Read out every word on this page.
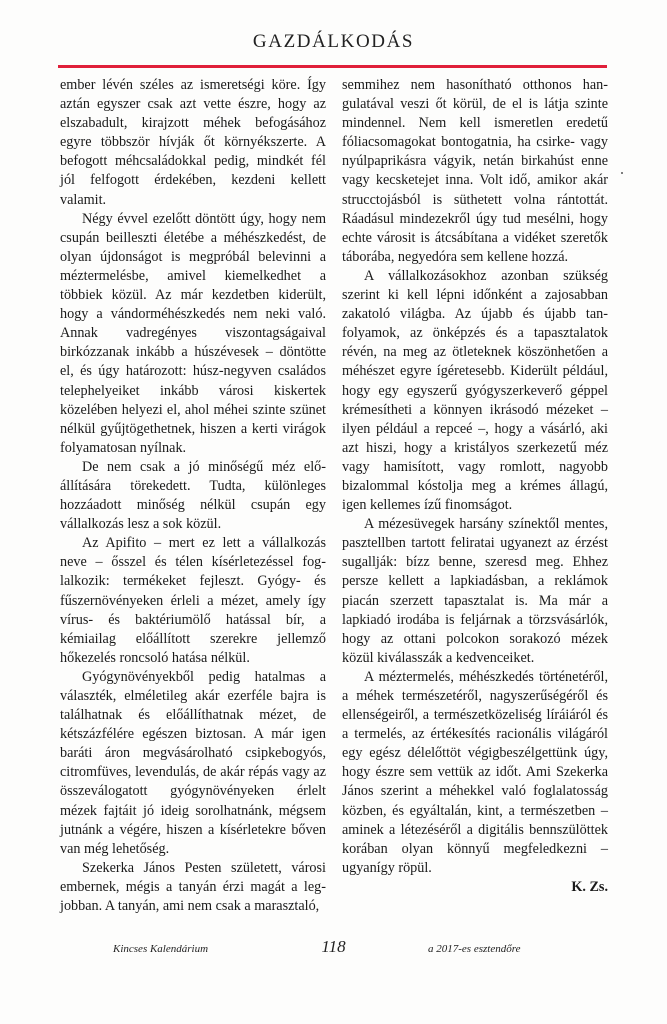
GAZDÁLKODÁS

ember lévén széles az ismeretségi köre. Így aztán egyszer csak azt vette észre, hogy az elszabadult, kirajzott méhek befogásához egyre többször hívják őt környékszerte. A befogott méhcsaládokkal pedig, mindkét fél jól felfogott érdekében, kezdeni kellett valamit.

Négy évvel ezelőtt döntött úgy, hogy nem csupán beilleszti életébe a méhészkedést, de olyan újdonságot is megpróbál belevinni a méztermelésbe, amivel kiemelkedhet a többiek közül. Az már kezdetben kiderült, hogy a vándorméhészkedés nem neki való. Annak vadregényes viszontagságaival birkózzanak inkább a húszévesek – döntötte el, és úgy határozott: húsz-negyven családos telephelyeiket inkább városi kiskertek közelében helyezi el, ahol méhei szinte szünet nélkül gyűjtögethetnek, hiszen a kerti virágok folyamatosan nyílnak.

De nem csak a jó minőségű méz előállítására törekedett. Tudta, különleges hozzáadott minőség nélkül csupán egy vállalkozás lesz a sok közül.

Az Apifito – mert ez lett a vállalkozás neve – ősszel és télen kísérletezéssel foglalkozik: termékeket fejleszt. Gyógy- és fűszernövényeken érleli a mézet, amely így vírus- és baktériumölő hatással bír, a kémiailag előállított szerekre jellemző hőkezelés roncsoló hatása nélkül.

Gyógynövényekből pedig hatalmas a választék, elméletileg akár ezerféle bajra is találhatnak és előállíthatnak mézet, de kétszázfélére egészen biztosan. A már igen baráti áron megvásárolható csipkebogyós, citromfüves, levendulás, de akár répás vagy az összeválogatott gyógynövényeken érlelt mézek fajtáit jó ideig sorolhatnánk, mégsem jutnánk a végére, hiszen a kísérletekre bőven van még lehetőség.

Szekerka János Pesten született, városi embernek, mégis a tanyán érzi magát a legjobban. A tanyán, ami nem csak a marasztaló,

semmihez nem hasonítható otthonos hangulatával veszi őt körül, de el is látja szinte mindennel. Nem kell ismeretlen eredetű fóliacsomagokat bontogatnia, ha csirke- vagy nyúlpaprikásra vágyik, netán birkahúst enne vagy kecsketejet inna. Volt idő, amikor akár strucctojásból is süthetett volna rántottát. Ráadásul mindezekről úgy tud mesélni, hogy echte városit is átcsábítana a vidéket szeretők táborába, negyedóra sem kellene hozzá.

A vállalkozásokhoz azonban szükség szerint ki kell lépni időnként a zajosabban zakatoló világba. Az újabb és újabb tanfolyamok, az önképzés és a tapasztalatok révén, na meg az ötleteknek köszönhetően a méhészet egyre ígéretesebb. Kiderült például, hogy egy egyszerű gyógyszerkeverő géppel krémesítheti a könnyen ikrásodó mézeket – ilyen például a repceé –, hogy a vásárló, aki azt hiszi, hogy a kristályos szerkezetű méz vagy hamisított, vagy romlott, nagyobb bizalommal kóstolja meg a krémes állagú, igen kellemes ízű finomságot.

A mézesüvegek harsány színektől mentes, pasztellben tartott feliratai ugyanezt az érzést sugallják: bízz benne, szeresd meg. Ehhez persze kellett a lapkiadásban, a reklámok piacán szerzett tapasztalat is. Ma már a lapkiadó irodába is feljárnak a törzsvásárlók, hogy az ottani polcokon sorakozó mézek közül kiválasszák a kedvenceiket.

A méztermelés, méhészkedés történetéről, a méhek természetéről, nagyszerűségéről és ellenségeiről, a természetközeliség líráiáról és a termelés, az értékesítés racionális világáról egy egész délelőttöt végigbeszélgettünk úgy, hogy észre sem vettük az időt. Ami Szekerka János szerint a méhekkel való foglalatosság közben, és egyáltalán, kint, a természetben – aminek a létezéséről a digitális bennszülöttek korában olyan könnyű megfeledkezni – ugyanígy röpül.

K. Zs.

Kincses Kalendárium	118	a 2017-es esztendőre
